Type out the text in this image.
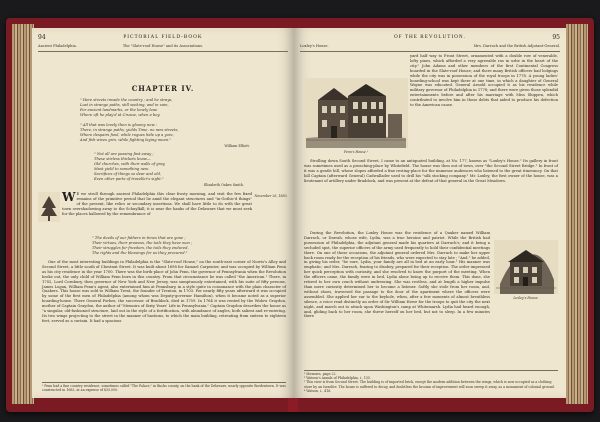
94	PICTORIAL FIELD-BOOK
Ancient Philadelphia.	The "Slate-roof House" and its Associations.
CHAPTER IV.
" Here streets invade the country ; and he strays,
Lost in strange paths, still seeking, and in vain,
For ancient landmarks, or the lonely lane
Where oft he play'd at Crusoe, when a boy.

" All that was lovely then is gloomy now :
There, in strange paths, yields Time, no new streets,
Where despairs fowl, while rogues hide up a yore,
And fish-wives grin, while fighting laying mean."
William Elliott.
" Not all are passing fast away ;
These stirless thickets know—
Old churches, with their walls of gray,
Must yield to something new.
Sacrifices of things so dear and old,
Even other parts of traveller's sight."
Elizabeth Oakes Smith.

W E we stroll through ancient Philadelphia this clear frosty morning, and visit the few fixed remains of the primitive period that lie amid the elegant structures and "in-Gothic'd things" of the present, like relics or secondary insertions. We shall have little to do with the great town overshadowing away to the Schuylkill; it is near the banks of the Delaware that we must seek for the places hallowed by the remembrance of

November 26, 1850.
" The deeds of our fathers in times that are gone ;
Their virtues, their prowess, the toils they have won ;
Their struggles for freedom, the toils they endured,
The rights and the blessings for us they procured."

One of the most interesting buildings in Philadelphia is the "Slate-roof House," on the south-east corner of Norris's Alley and Second Street, a little south of Chestnut Street. It was built about 1698 for Samuel Carpenter, and was occupied by William Penn as his city residence in the year 1700. There was the birth-place of John Penn, the governor of Pennsylvania when the Revolution broke out, the only child of William Penn born in this country. From that circumstance he was called "the American." There, in 1702, Lord Cornbury, then governor of New York and New Jersey, was sumptuously entertained, with his suite of fifty persons. James Logan, William Penn's agent, also entertained him at Pennsbury, in a style quite in consonance with the plain character of Quakers. This house was sold to William Trent, the founder of Trenton, in 1703. For nearly fifty years afterward it was occupied by some of the first men of Philadelphia (among whom was Deputy-governor Hamilton), when it became noted as a superior boarding-house. There General Forbes, the successor of Braddock, died in 1759. In 1764 it was rented by the Widow Graydon, mother of Captain Graydon, the author of "Memoirs of Sixty Years' Life in Pennsylvania." Captain Graydon describes the house as "a singular, old-fashioned structure, laid out in the style of a fortification, with abundance of angles, both salient and re-entering. Its two wings projecting to the street in the manner of bastions, to which the main building, retreating from sixteen to eighteen feet, served as a curtain. It had a spacious

¹ Penn had a fine country residence, sometimes called "The Palace," in Bucks county, on the bank of the Delaware, nearly opposite Bordentown. It was constructed in 1683, at an expense of $35,000.
OF THE REVOLUTION.	95
Loxley's House.	Mrs. Darrach and the British Adjutant-General.
Penn's House.¹

yard half way to Front Street, ornamented with a double row of venerable, lofty pines, which afforded a very agreeable rus in urbe in the heart of the city." John Adams and other members of the first Continental Congress boarded in the Slate-roof House; and there many British officers had lodgings while the city was in possession of the royal troops in 1778. A young ladies' boarding-school was kept there at one time, in which a daughter of General Wayne was educated. General Arnold occupied it as his residence while military governor of Philadelphia in 1778; and there were given those splendid entertainments before and after his marriage with Miss Shippen, which contributed to involve him in those debts that aided to produce his defection to the American cause.

Strolling down South Second Street, I came to an antiquated building, at No. 177, known as "Loxley's House." Its gallery in front was sometimes used as a preaching-place by Whitefield. The house was then out of town, over "the Second Street Bridge." In front of it was a gentle hill, whose slopes afforded a fine resting-place for the immense audiences who listened to the great itinerancy. On that hill Captain (afterward General) Cadwallader used to drill his "silk stocking company." Mr. Loxley, the first owner of the house, was a lieutenant of artillery under Braddock, and was present at the defeat of that general in the Great Meadows.

Loxley's House.

During the Revolution, the Loxley House was the residence of a Quaker named William Darrach, or Darrah, whose wife, Lydia, was a true heroine and patriot. While the British had possession of Philadelphia, the adjutant general made his quarters at Darrach's; and it being a secluded spot, the superior officers of the army used frequently to hold their confidential meetings there. On one of those occasions, the adjutant general ordered Mrs. Darrach to make her upper back room ready for the reception of his friends, who were expected to stay late ; "And," he added, in giving his order, "be sure, Lydia, your family are all in bed at an early hour." His manner was emphatic; and Mrs. Darrach, fearing to disobey, prepared for their reception. The order impressed her quick perception with curiosity, and she resolved to know the purport of the meeting. When the officers came, the family were in bed, Lydia alone being up to receive them. This done, she retired to her own couch without undressing. She was restless, and at length a higher impulse than mere curiosity determined her to become a listener. Softly she stole from her room, and, without shoes, traversed the passage to the door of the apartment where the officers were assembled. She applied her ear to the keyhole, when, after a few moments of almost breathless silence, a voice read distinctly an order of Sir William Howe for the troops to quit the city the next night, and march out to attack upon Washington's camp at Whitemarsh. Lydia had heard enough, and, gliding back to her room, she threw herself on her bed, but not to sleep. In a few minutes there

¹ Memoirs, page 22.
² Watson's Annals of Philadelphia, i., 155.
³ This view is from Second Street. The building is of imported brick, except the modern addition between the wings, which is now occupied as a clothing store by an Israelite. The house is suffered to decay, and doubtless the brooms of improvement will soon sweep it away, as a monument of colonial ground.
⁴ Watson, i., 416.
